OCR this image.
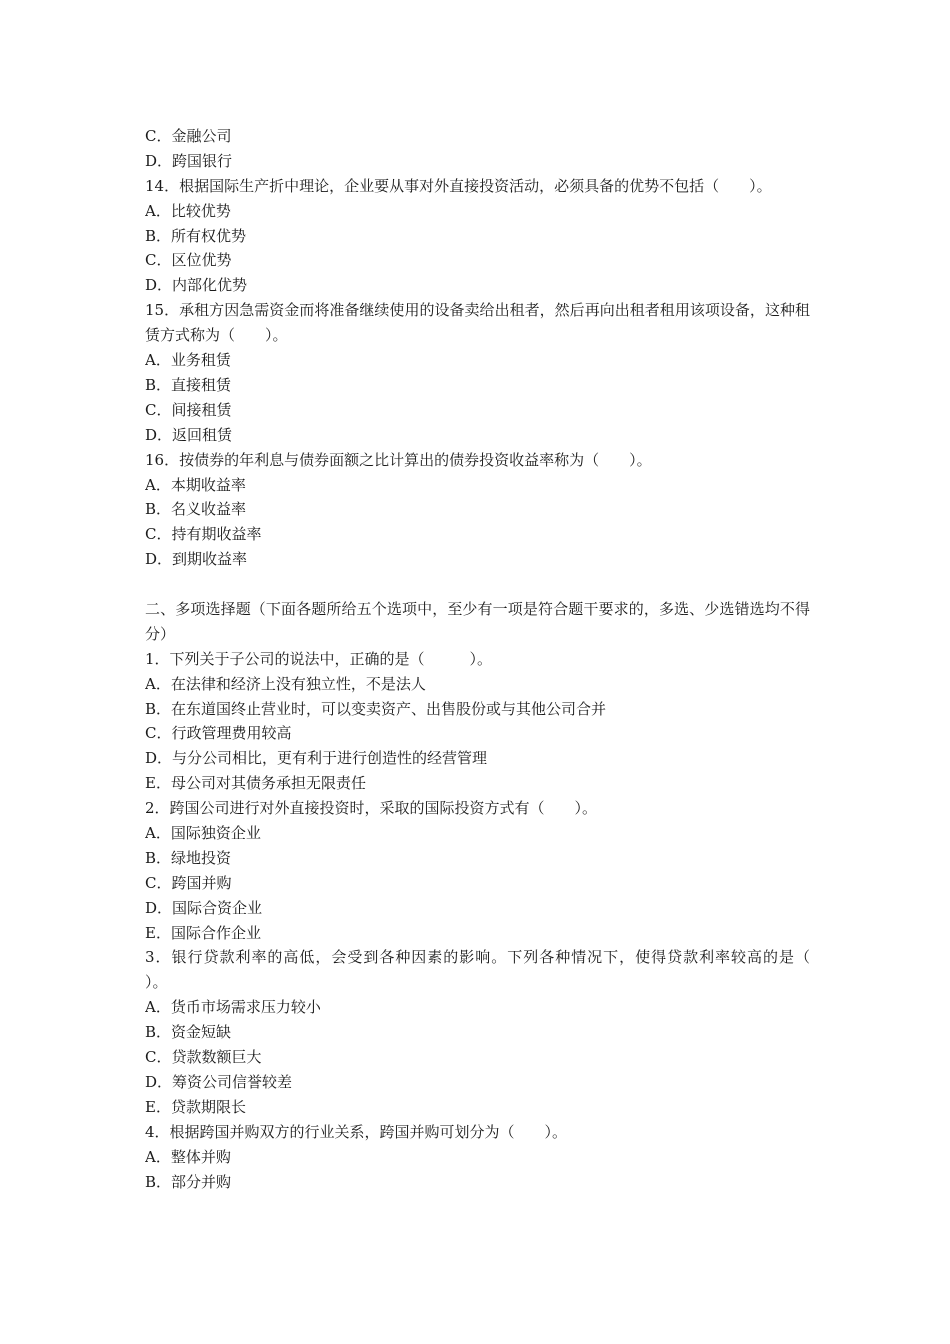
C．金融公司
D．跨国银行
14．根据国际生产折中理论，企业要从事对外直接投资活动，必须具备的优势不包括（　　）。
A．比较优势
B．所有权优势
C．区位优势
D．内部化优势
15．承租方因急需资金而将准备继续使用的设备卖给出租者，然后再向出租者租用该项设备，这种租赁方式称为（　　）。
A．业务租赁
B．直接租赁
C．间接租赁
D．返回租赁
16．按债券的年利息与债券面额之比计算出的债券投资收益率称为（　　）。
A．本期收益率
B．名义收益率
C．持有期收益率
D．到期收益率
二、多项选择题（下面各题所给五个选项中，至少有一项是符合题干要求的，多选、少选错选均不得分）
1．下列关于子公司的说法中，正确的是（　　　）。
A．在法律和经济上没有独立性，不是法人
B．在东道国终止营业时，可以变卖资产、出售股份或与其他公司合并
C．行政管理费用较高
D．与分公司相比，更有利于进行创造性的经营管理
E．母公司对其债务承担无限责任
2．跨国公司进行对外直接投资时，采取的国际投资方式有（　　）。
A．国际独资企业
B．绿地投资
C．跨国并购
D．国际合资企业
E．国际合作企业
3．银行贷款利率的高低，会受到各种因素的影响。下列各种情况下，使得贷款利率较高的是（　　）。
A．货币市场需求压力较小
B．资金短缺
C．贷款数额巨大
D．筹资公司信誉较差
E．贷款期限长
4．根据跨国并购双方的行业关系，跨国并购可划分为（　　）。
A．整体并购
B．部分并购
